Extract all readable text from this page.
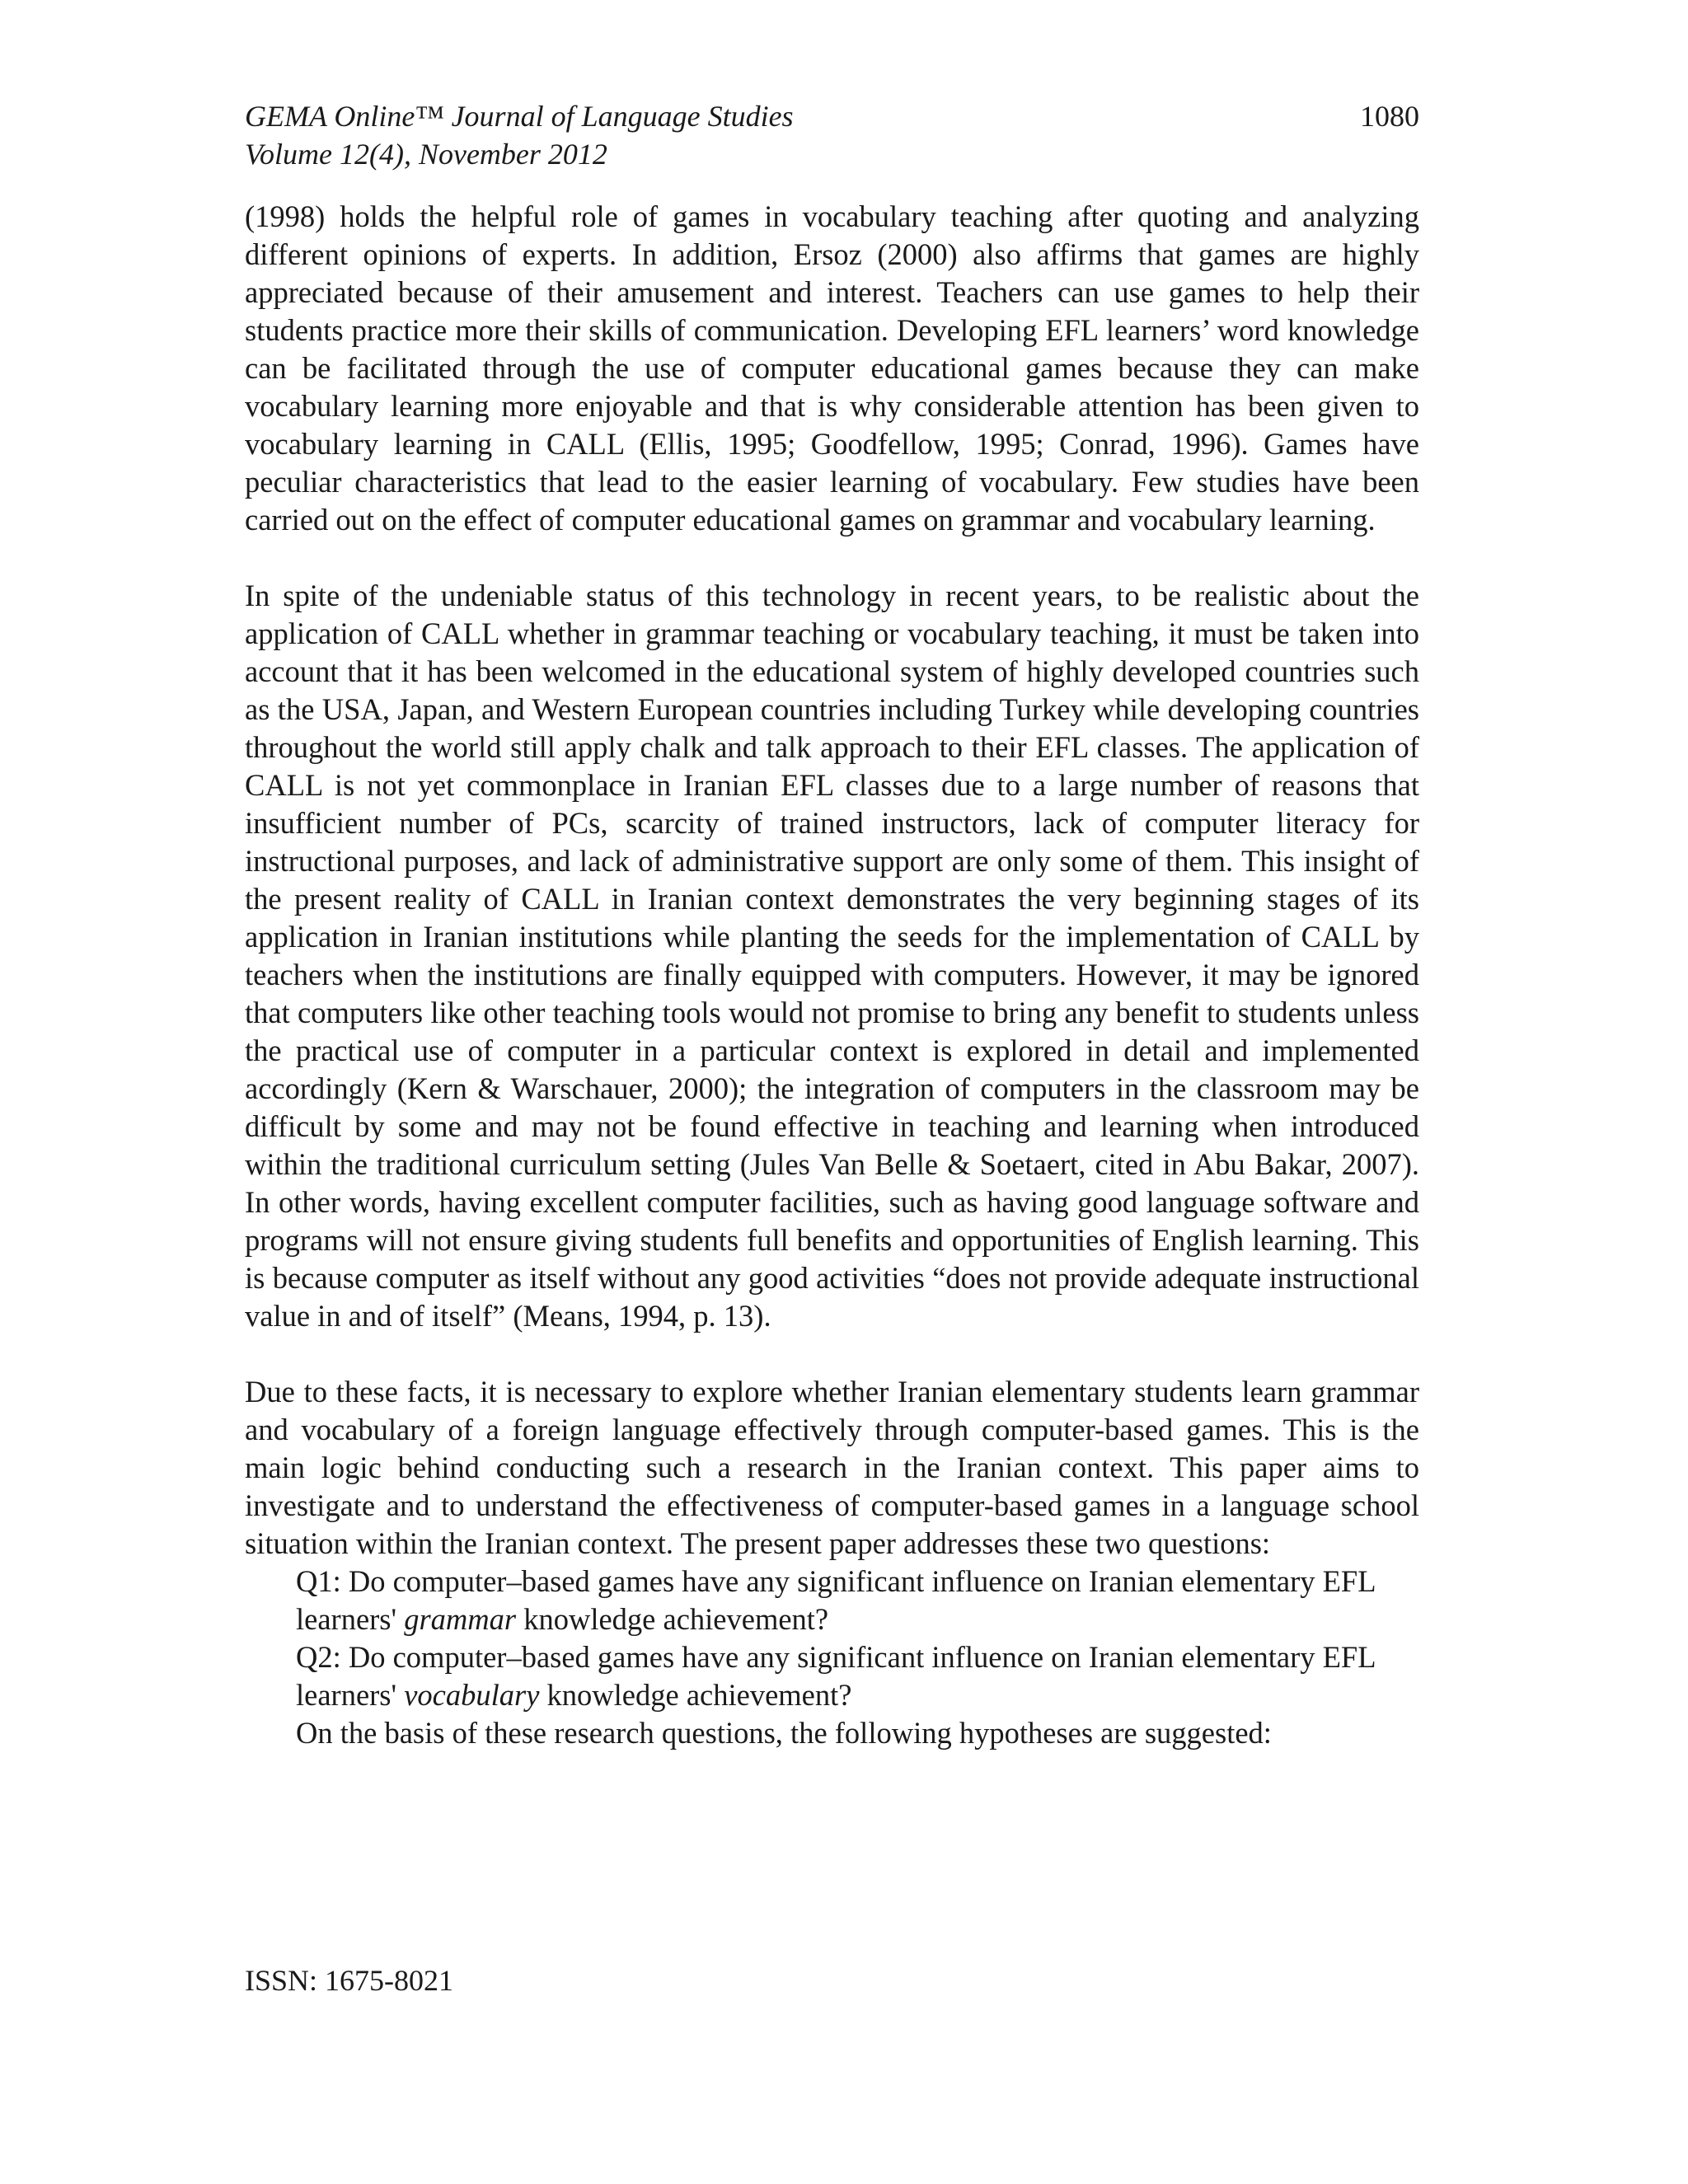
GEMA Online™ Journal of Language Studies
Volume 12(4), November 2012
1080

(1998) holds the helpful role of games in vocabulary teaching after quoting and analyzing different opinions of experts. In addition, Ersoz (2000) also affirms that games are highly appreciated because of their amusement and interest. Teachers can use games to help their students practice more their skills of communication. Developing EFL learners’ word knowledge can be facilitated through the use of computer educational games because they can make vocabulary learning more enjoyable and that is why considerable attention has been given to vocabulary learning in CALL (Ellis, 1995; Goodfellow, 1995; Conrad, 1996). Games have peculiar characteristics that lead to the easier learning of vocabulary. Few studies have been carried out on the effect of computer educational games on grammar and vocabulary learning.

In spite of the undeniable status of this technology in recent years, to be realistic about the application of CALL whether in grammar teaching or vocabulary teaching, it must be taken into account that it has been welcomed in the educational system of highly developed countries such as the USA, Japan, and Western European countries including Turkey while developing countries throughout the world still apply chalk and talk approach to their EFL classes. The application of CALL is not yet commonplace in Iranian EFL classes due to a large number of reasons that insufficient number of PCs, scarcity of trained instructors, lack of computer literacy for instructional purposes, and lack of administrative support are only some of them. This insight of the present reality of CALL in Iranian context demonstrates the very beginning stages of its application in Iranian institutions while planting the seeds for the implementation of CALL by teachers when the institutions are finally equipped with computers. However, it may be ignored that computers like other teaching tools would not promise to bring any benefit to students unless the practical use of computer in a particular context is explored in detail and implemented accordingly (Kern & Warschauer, 2000); the integration of computers in the classroom may be difficult by some and may not be found effective in teaching and learning when introduced within the traditional curriculum setting (Jules Van Belle & Soetaert, cited in Abu Bakar, 2007). In other words, having excellent computer facilities, such as having good language software and programs will not ensure giving students full benefits and opportunities of English learning. This is because computer as itself without any good activities “does not provide adequate instructional value in and of itself” (Means, 1994, p. 13).

Due to these facts, it is necessary to explore whether Iranian elementary students learn grammar and vocabulary of a foreign language effectively through computer-based games. This is the main logic behind conducting such a research in the Iranian context. This paper aims to investigate and to understand the effectiveness of computer-based games in a language school situation within the Iranian context. The present paper addresses these two questions:

Q1: Do computer–based games have any significant influence on Iranian elementary EFL learners' grammar knowledge achievement?

Q2: Do computer–based games have any significant influence on Iranian elementary EFL learners' vocabulary knowledge achievement?

On the basis of these research questions, the following hypotheses are suggested:

ISSN: 1675-8021
